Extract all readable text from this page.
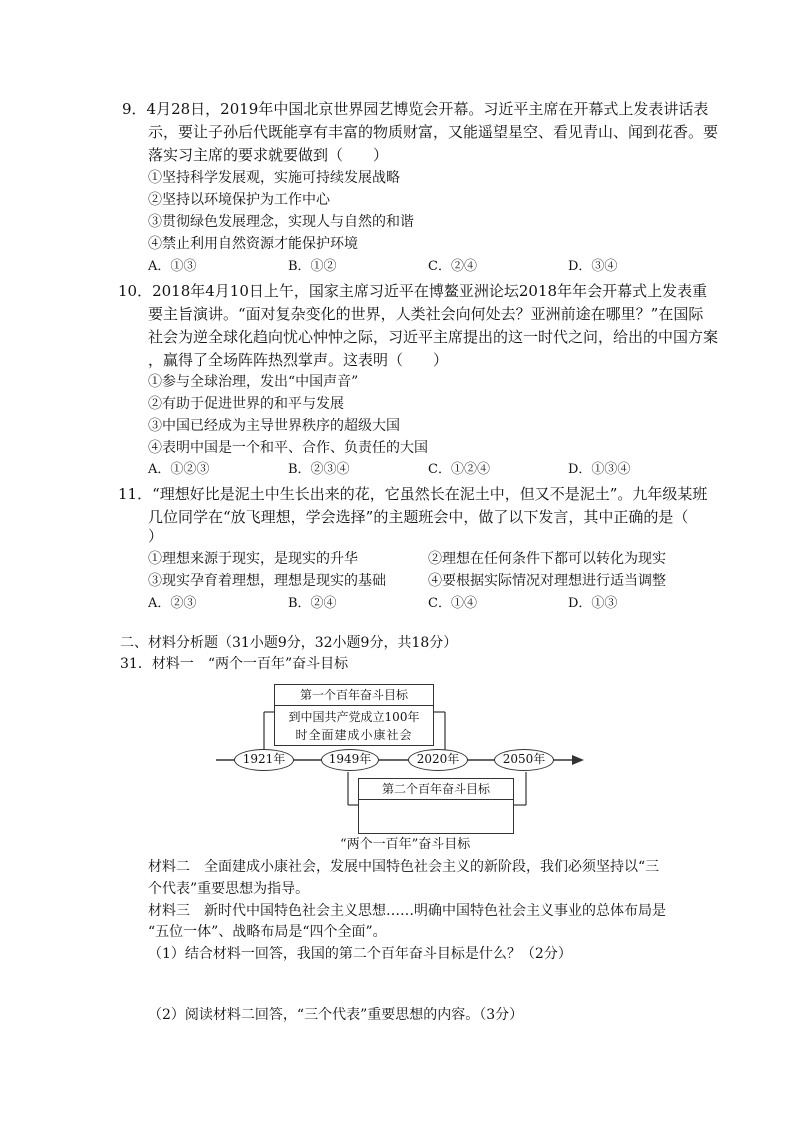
9．4月28日，2019年中国北京世界园艺博览会开幕。习近平主席在开幕式上发表讲话表
示，要让子孙后代既能享有丰富的物质财富，又能遥望星空、看见青山、闻到花香。要
落实习主席的要求就要做到（　　）
①坚持科学发展观，实施可持续发展战略
②坚持以环境保护为工作中心
③贯彻绿色发展理念，实现人与自然的和谐
④禁止利用自然资源才能保护环境
A．①③	B．①②	C．②④	D．③④
10．2018年4月10日上午，国家主席习近平在博鳌亚洲论坛2018年年会开幕式上发表重
要主旨演讲。“面对复杂变化的世界，人类社会向何处去？亚洲前途在哪里？”在国际
社会为逆全球化趋向忧心忡忡之际，习近平主席提出的这一时代之问，给出的中国方案
，赢得了全场阵阵热烈掌声。这表明（　　）
①参与全球治理，发出“中国声音”
②有助于促进世界的和平与发展
③中国已经成为主导世界秩序的超级大国
④表明中国是一个和平、合作、负责任的大国
A．①②③	B．②③④	C．①②④	D．①③④
11．“理想好比是泥土中生长出来的花，它虽然长在泥土中，但又不是泥土”。九年级某班
几位同学在“放飞理想，学会选择”的主题班会中，做了以下发言，其中正确的是（
）
①理想来源于现实，是现实的升华	②理想在任何条件下都可以转化为现实
③现实孕育着理想，理想是现实的基础	④要根据实际情况对理想进行适当调整
A．②③	B．②④	C．①④	D．①③
二、材料分析题（31小题9分，32小题9分，共18分）
31．材料一　“两个一百年”奋斗目标
第一个百年奋斗目标
到中国共产党成立100年
时全面建成小康社会
1921年	1949年	2020年	2050年
第二个百年奋斗目标
“两个一百年”奋斗目标
材料二　全面建成小康社会，发展中国特色社会主义的新阶段，我们必须坚持以“三
个代表”重要思想为指导。
材料三　新时代中国特色社会主义思想……明确中国特色社会主义事业的总体布局是
“五位一体”、战略布局是“四个全面”。
（1）结合材料一回答，我国的第二个百年奋斗目标是什么？（2分）
（2）阅读材料二回答，“三个代表”重要思想的内容。（3分）
